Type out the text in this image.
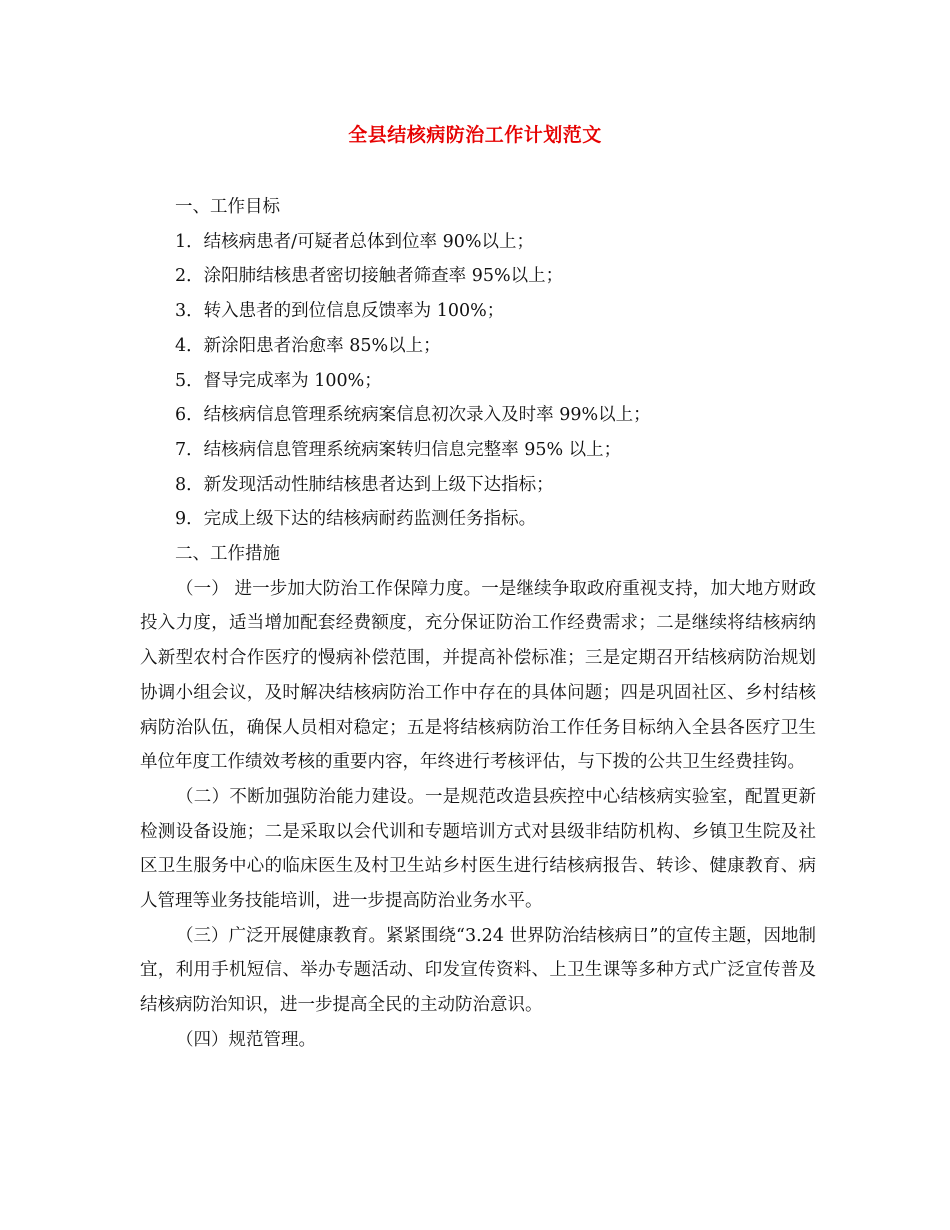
全县结核病防治工作计划范文

一、工作目标

1．结核病患者/可疑者总体到位率 90%以上；

2．涂阳肺结核患者密切接触者筛查率 95%以上；

3．转入患者的到位信息反馈率为 100%；

4．新涂阳患者治愈率 85%以上；

5．督导完成率为 100%；

6．结核病信息管理系统病案信息初次录入及时率 99%以上；

7．结核病信息管理系统病案转归信息完整率 95% 以上；

8．新发现活动性肺结核患者达到上级下达指标；

9．完成上级下达的结核病耐药监测任务指标。

二、工作措施

（一） 进一步加大防治工作保障力度。一是继续争取政府重视支持，加大地方财政投入力度，适当增加配套经费额度，充分保证防治工作经费需求；二是继续将结核病纳入新型农村合作医疗的慢病补偿范围，并提高补偿标准；三是定期召开结核病防治规划协调小组会议，及时解决结核病防治工作中存在的具体问题；四是巩固社区、乡村结核病防治队伍，确保人员相对稳定；五是将结核病防治工作任务目标纳入全县各医疗卫生单位年度工作绩效考核的重要内容，年终进行考核评估，与下拨的公共卫生经费挂钩。

（二）不断加强防治能力建设。一是规范改造县疾控中心结核病实验室，配置更新检测设备设施；二是采取以会代训和专题培训方式对县级非结防机构、乡镇卫生院及社区卫生服务中心的临床医生及村卫生站乡村医生进行结核病报告、转诊、健康教育、病人管理等业务技能培训，进一步提高防治业务水平。

（三）广泛开展健康教育。紧紧围绕“3.24 世界防治结核病日”的宣传主题，因地制宜，利用手机短信、举办专题活动、印发宣传资料、上卫生课等多种方式广泛宣传普及结核病防治知识，进一步提高全民的主动防治意识。

（四）规范管理。
